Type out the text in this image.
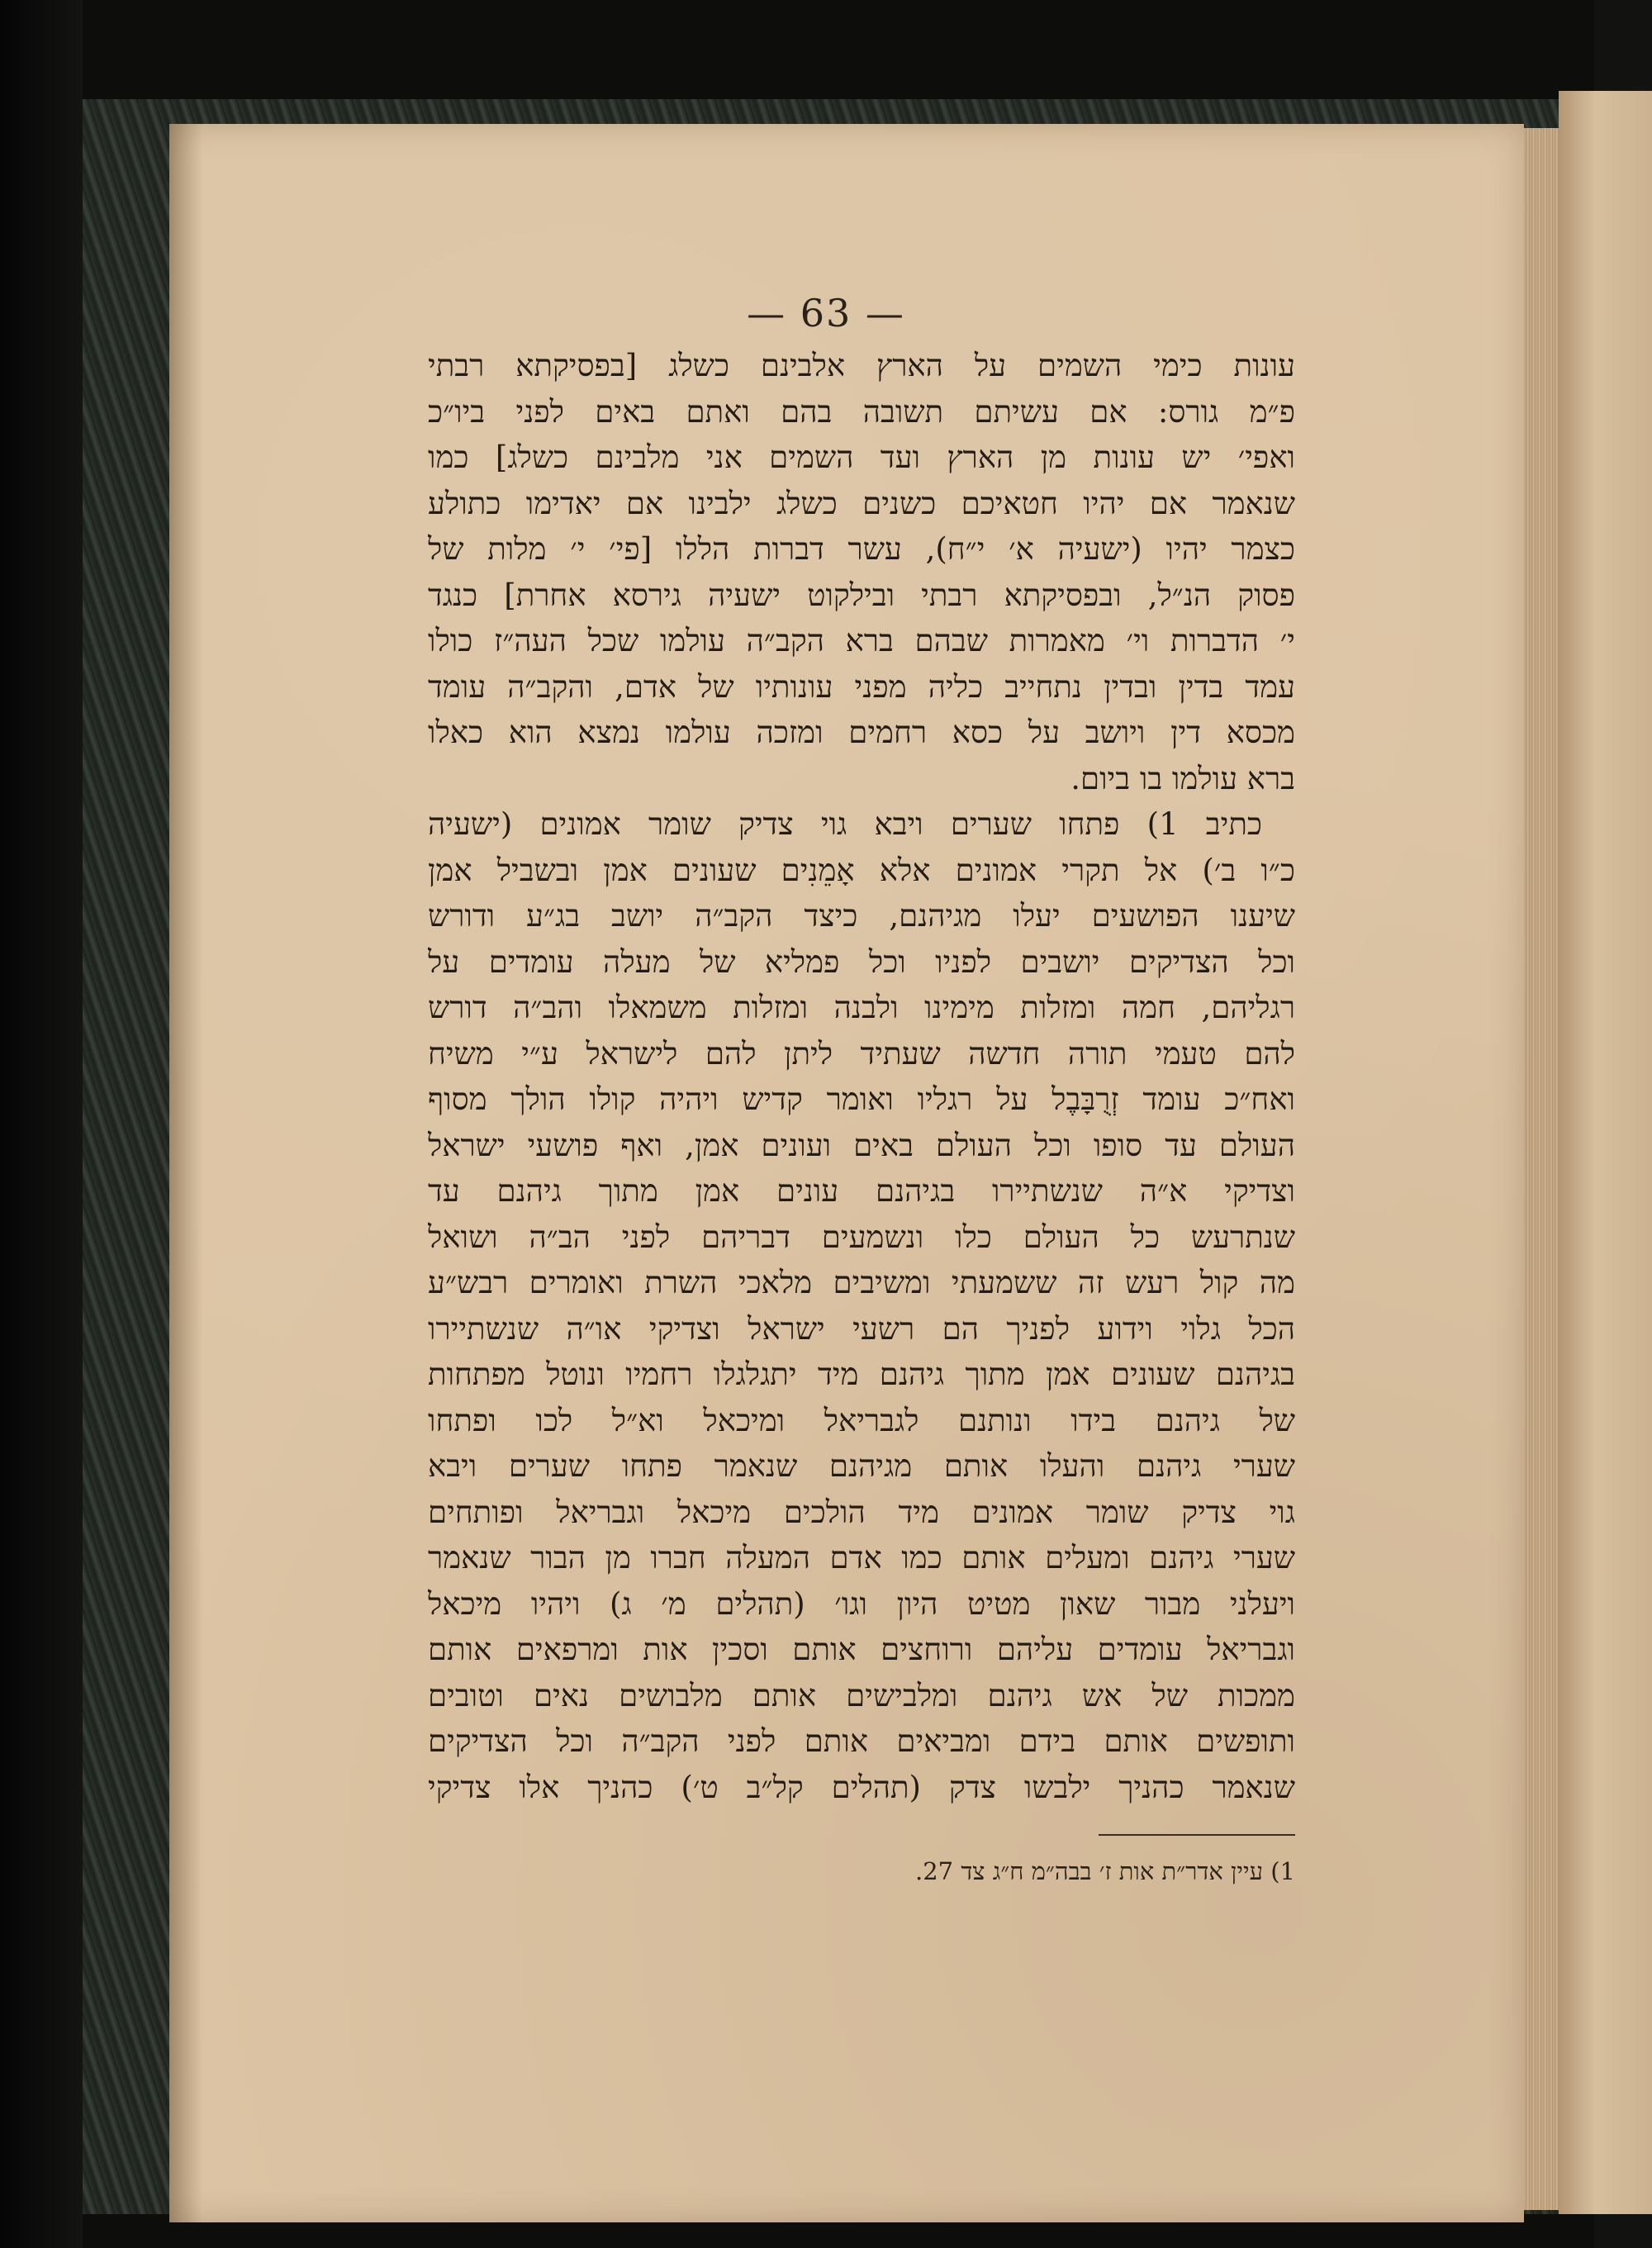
— 63 —
עונות כימי השמים על הארץ אלבינם כשלג [בפסיקתא רבתי
פ״מ גורס: אם עשיתם תשובה בהם ואתם באים לפני ביו״כ
ואפי׳ יש עונות מן הארץ ועד השמים אני מלבינם כשלג] כמו
שנאמר אם יהיו חטאיכם כשנים כשלג ילבינו אם יאדימו כתולע
כצמר יהיו (ישעיה א׳ י״ח), עשר דברות הללו [פי׳ י׳ מלות של
פסוק הנ״ל, ובפסיקתא רבתי ובילקוט ישעיה גירסא אחרת] כנגד
י׳ הדברות וי׳ מאמרות שבהם ברא הקב״ה עולמו שכל העה״ז כולו
עמד בדין ובדין נתחייב כליה מפני עונותיו של אדם, והקב״ה עומד
מכסא דין ויושב על כסא רחמים ומזכה עולמו נמצא הוא כאלו
ברא עולמו בו ביום.
כתיב 1) פתחו שערים ויבא גוי צדיק שומר אמונים (ישעיה
כ״ו ב׳) אל תקרי אמונים אלא אָמֵנִים שעונים אמן ובשביל אמן
שיענו הפושעים יעלו מגיהנם, כיצד הקב״ה יושב בג״ע ודורש
וכל הצדיקים יושבים לפניו וכל פמליא של מעלה עומדים על
רגליהם, חמה ומזלות מימינו ולבנה ומזלות משמאלו והב״ה דורש
להם טעמי תורה חדשה שעתיד ליתן להם לישראל ע״י משיח
ואח״כ עומד זְרֻבָּבֶל על רגליו ואומר קדיש ויהיה קולו הולך מסוף
העולם עד סופו וכל העולם באים ועונים אמן, ואף פושעי ישראל
וצדיקי א״ה שנשתיירו בגיהנם עונים אמן מתוך גיהנם עד
שנתרעש כל העולם כלו ונשמעים דבריהם לפני הב״ה ושואל
מה קול רעש זה ששמעתי ומשיבים מלאכי השרת ואומרים רבש״ע
הכל גלוי וידוע לפניך הם רשעי ישראל וצדיקי או״ה שנשתיירו
בגיהנם שעונים אמן מתוך גיהנם מיד יתגלגלו רחמיו ונוטל מפתחות
של גיהנם בידו ונותנם לגבריאל ומיכאל וא״ל לכו ופתחו
שערי גיהנם והעלו אותם מגיהנם שנאמר פתחו שערים ויבא
גוי צדיק שומר אמונים מיד הולכים מיכאל וגבריאל ופותחים
שערי גיהנם ומעלים אותם כמו אדם המעלה חברו מן הבור שנאמר
ויעלני מבור שאון מטיט היון וגו׳ (תהלים מ׳ ג) ויהיו מיכאל
וגבריאל עומדים עליהם ורוחצים אותם וסכין אות ומרפאים אותם
ממכות של אש גיהנם ומלבישים אותם מלבושים נאים וטובים
ותופשים אותם בידם ומביאים אותם לפני הקב״ה וכל הצדיקים
שנאמר כהניך ילבשו צדק (תהלים קל״ב ט׳) כהניך אלו צדיקי
1) עיין אדר״ת אות ז׳ בבה״מ ח״ג צד 27.
